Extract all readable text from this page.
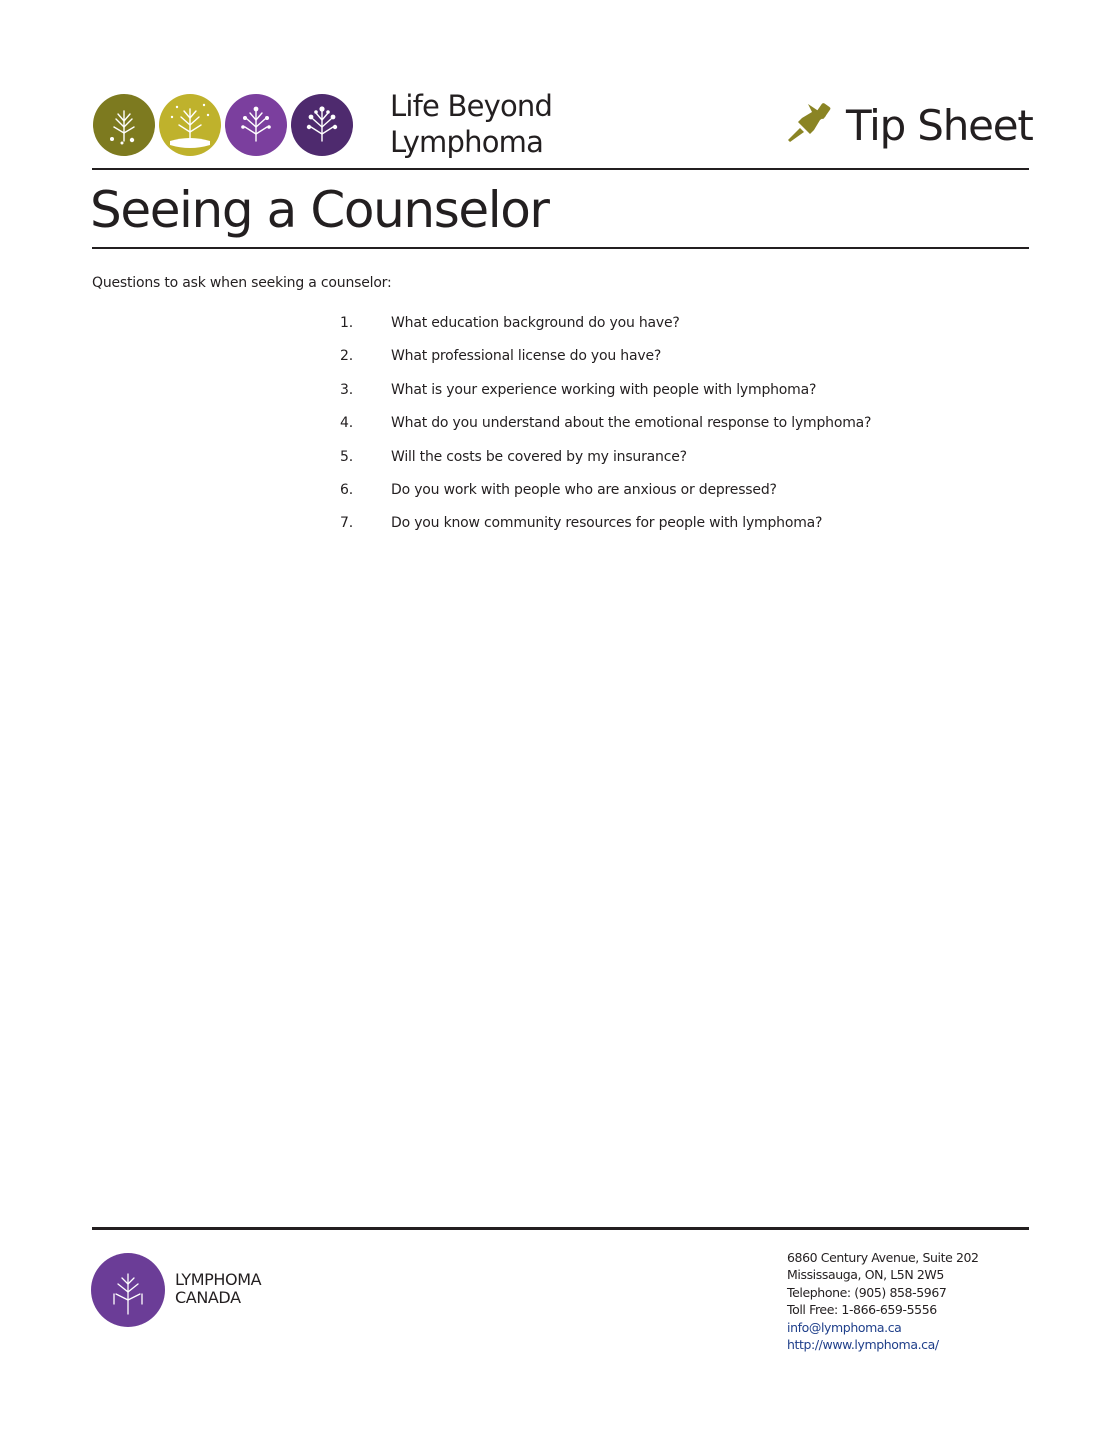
Life Beyond
Lymphoma	Tip Sheet
Seeing a Counselor
Questions to ask when seeking a counselor:
1.	What education background do you have?
2.	What professional license do you have?
3.	What is your experience working with people with lymphoma?
4.	What do you understand about the emotional response to lymphoma?
5.	Will the costs be covered by my insurance?
6.	Do you work with people who are anxious or depressed?
7.	Do you know community resources for people with lymphoma?
LYMPHOMA
CANADA
6860 Century Avenue, Suite 202
Mississauga, ON, L5N 2W5
Telephone: (905) 858-5967
Toll Free: 1-866-659-5556
info@lymphoma.ca
http://www.lymphoma.ca/
